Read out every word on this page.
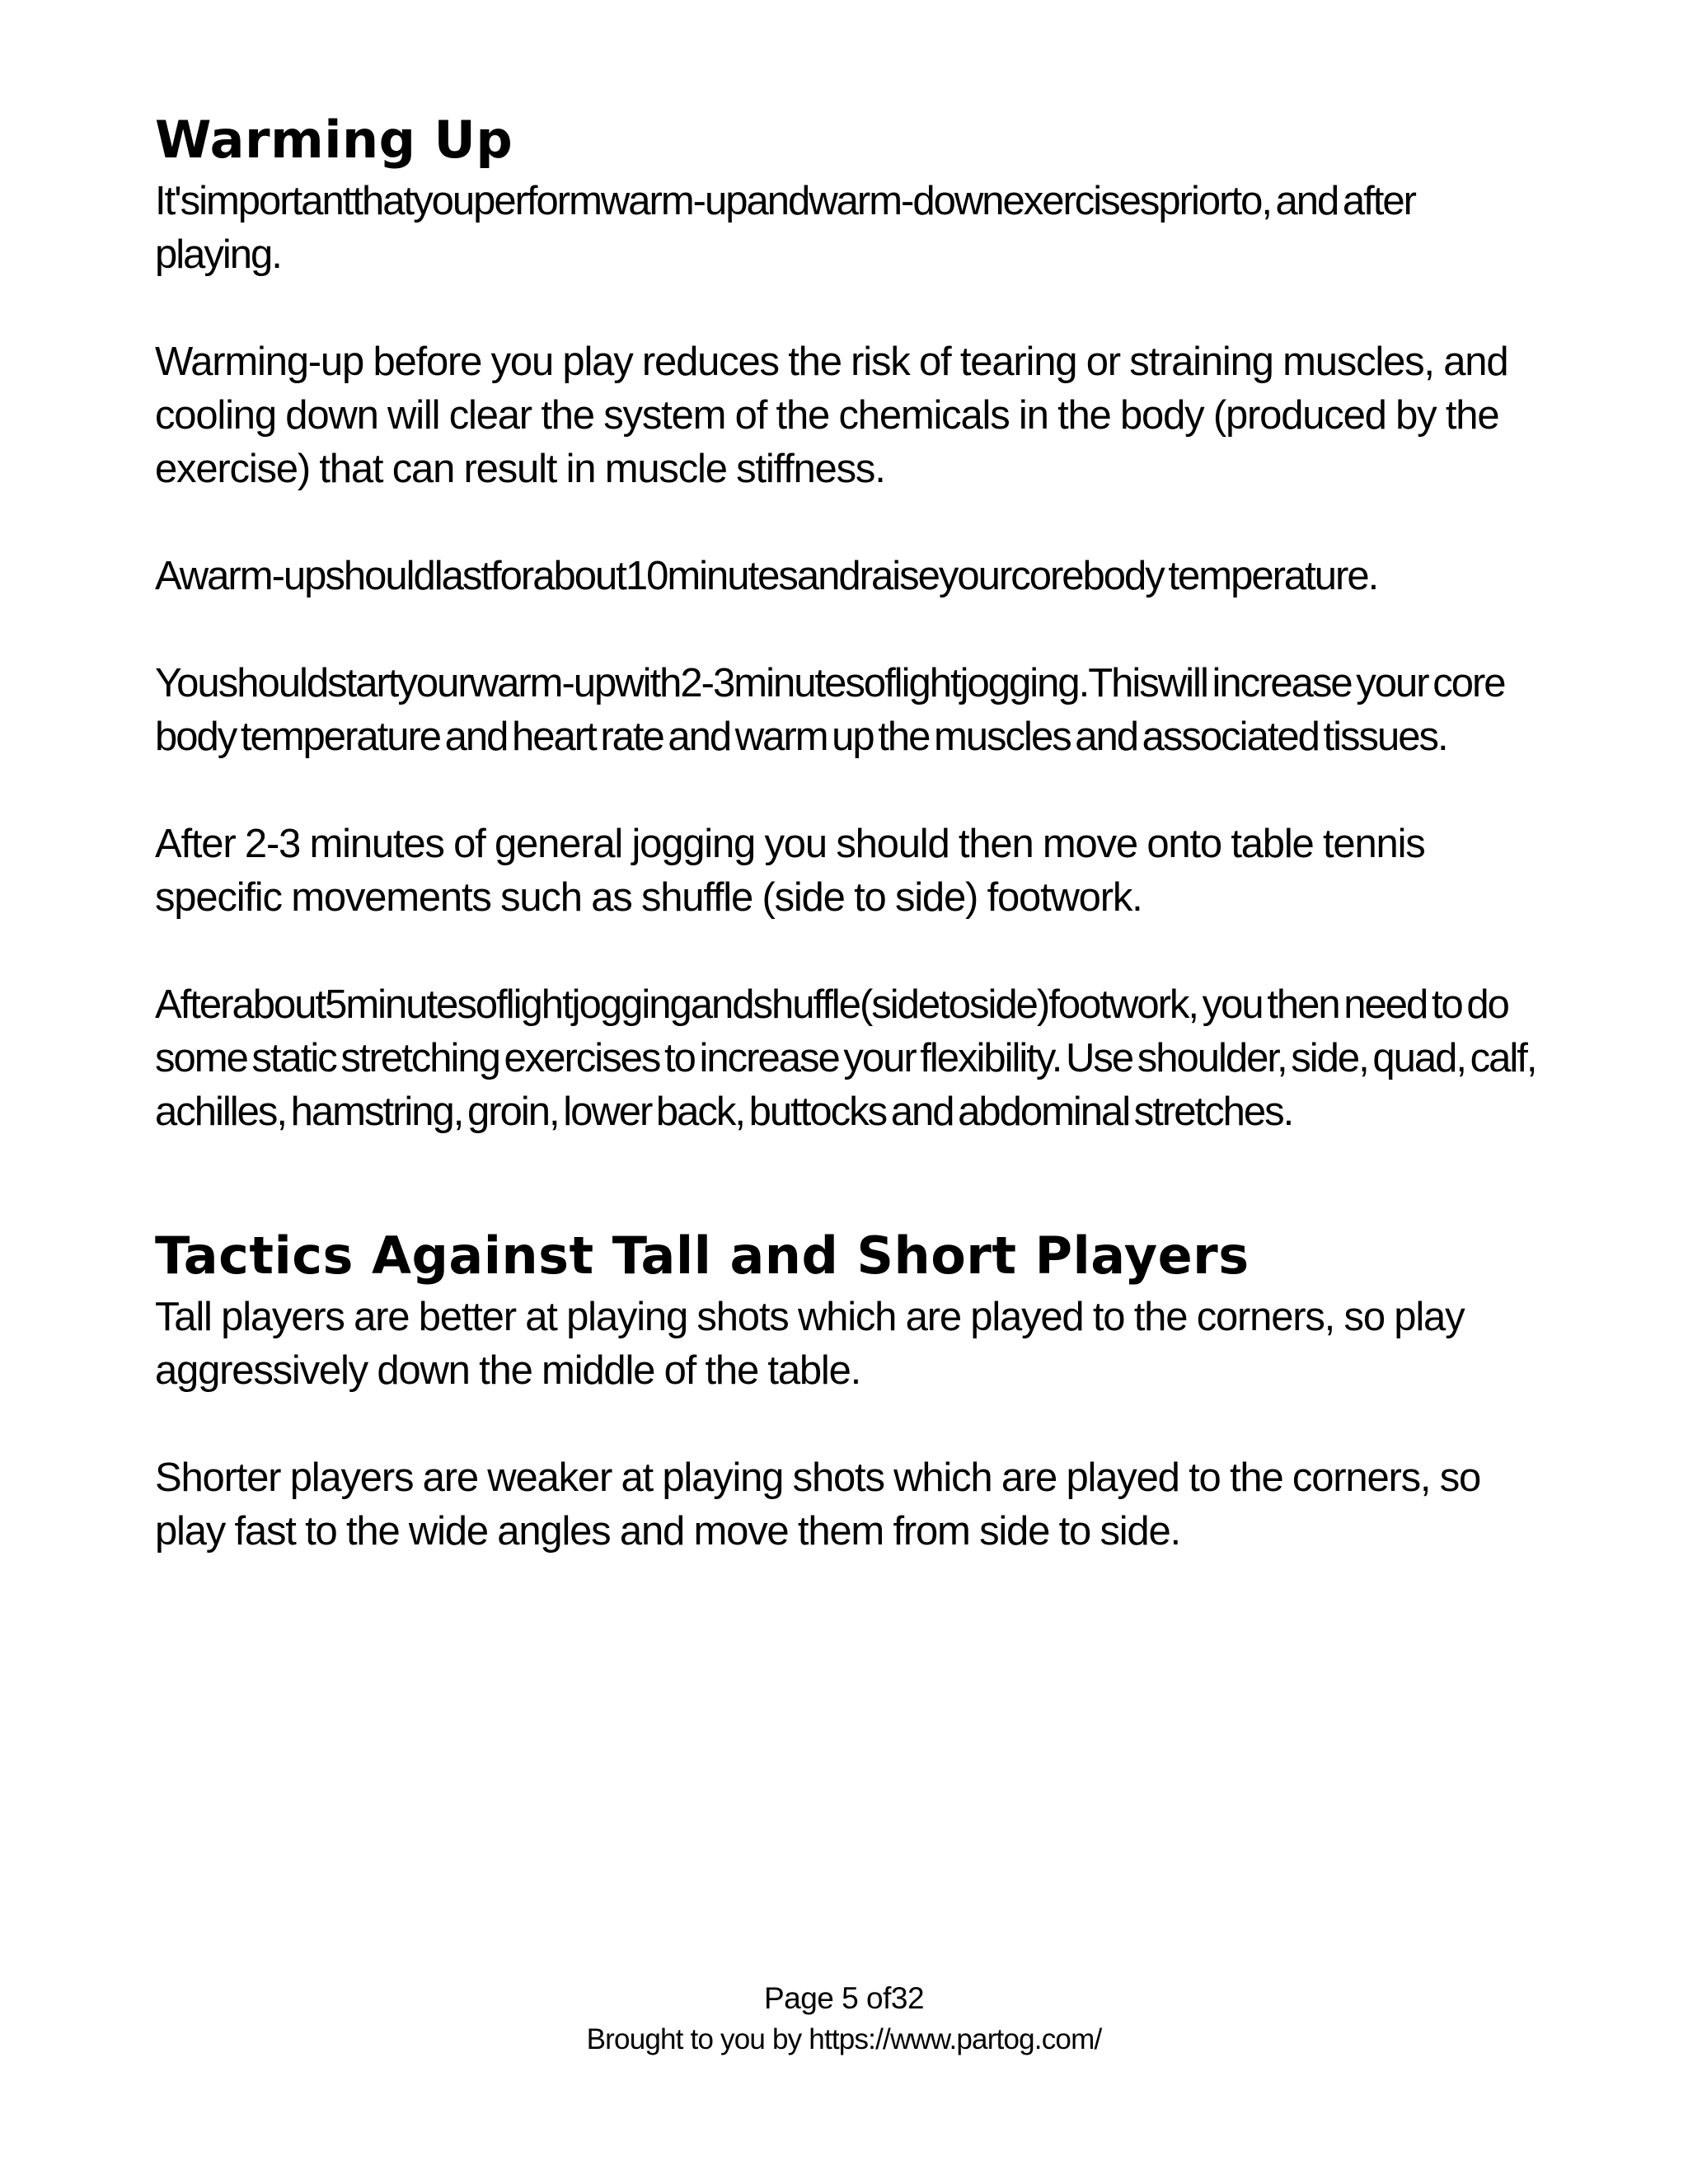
Warming Up

It'simportantthatyouperformwarm-upandwarm-downexercisespriorto, and after playing.

Warming-up before you play reduces the risk of tearing or straining muscles, and cooling down will clear the system of the chemicals in the body (produced by the exercise) that can result in muscle stiffness.

Awarm-upshouldlastforabout10minutesandraiseyourcorebody temperature.

Youshouldstartyourwarm-upwith2-3minutesoflightjogging.Thiswill increase your core body temperature and heart rate and warm up the muscles and associated tissues.

After 2-3 minutes of general jogging you should then move onto table tennis specific movements such as shuffle (side to side) footwork.

Afterabout5minutesoflightjoggingandshuffle(sidetoside)footwork, you then need to do some static stretching exercises to increase your flexibility. Use shoulder, side, quad, calf, achilles, hamstring, groin, lower back, buttocks and abdominal stretches.

Tactics Against Tall and Short Players

Tall players are better at playing shots which are played to the corners, so play aggressively down the middle of the table.

Shorter players are weaker at playing shots which are played to the corners, so play fast to the wide angles and move them from side to side.

Page 5 of32
Brought to you by https://www.partog.com/
